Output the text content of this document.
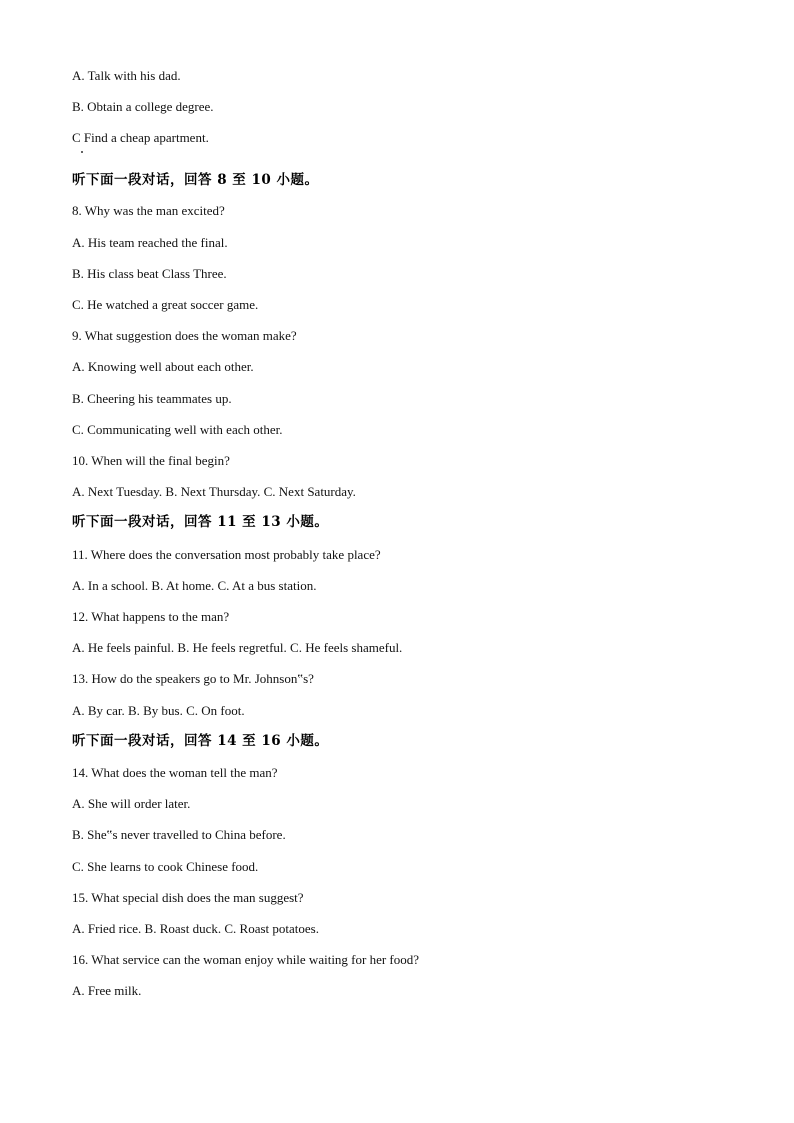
A. Talk with his dad.
B. Obtain a college degree.
C Find a cheap apartment.
听下面一段对话，回答 8 至 10 小题。
8. Why was the man excited?
A. His team reached the final.
B. His class beat Class Three.
C. He watched a great soccer game.
9. What suggestion does the woman make?
A. Knowing well about each other.
B. Cheering his teammates up.
C. Communicating well with each other.
10. When will the final begin?
A. Next Tuesday. B. Next Thursday. C. Next Saturday.
听下面一段对话，回答 11 至 13 小题。
11. Where does the conversation most probably take place?
A. In a school. B. At home. C. At a bus station.
12. What happens to the man?
A. He feels painful. B. He feels regretful. C. He feels shameful.
13. How do the speakers go to Mr. Johnson‟s?
A. By car. B. By bus. C. On foot.
听下面一段对话，回答 14 至 16 小题。
14. What does the woman tell the man?
A. She will order later.
B. She‟s never travelled to China before.
C. She learns to cook Chinese food.
15. What special dish does the man suggest?
A. Fried rice. B. Roast duck. C. Roast potatoes.
16. What service can the woman enjoy while waiting for her food?
A. Free milk.
